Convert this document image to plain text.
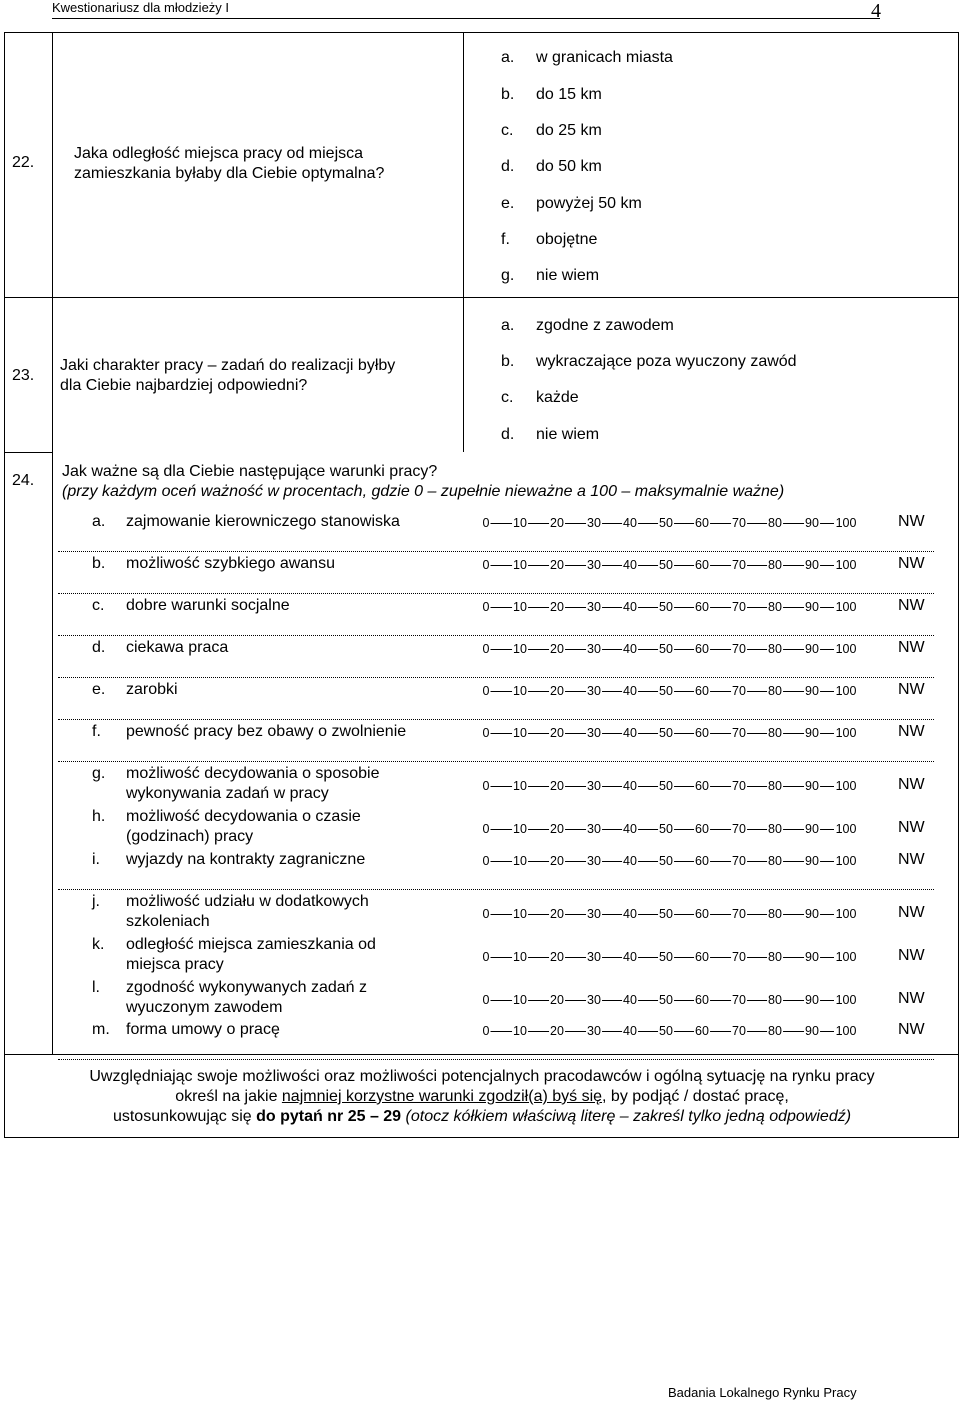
Kwestionariusz dla młodzieży I	4
22.
Jaka odległość miejsca pracy od miejsca
zamieszkania byłaby dla Ciebie optymalna?
a. w granicach miasta
b. do 15 km
c. do 25 km
d. do 50 km
e. powyżej 50 km
f. obojętne
g. nie wiem
23.
Jaki charakter pracy – zadań do realizacji byłby
dla Ciebie najbardziej odpowiedni?
a. zgodne z zawodem
b. wykraczające poza wyuczony zawód
c. każde
d. nie wiem
24.
Jak ważne są dla Ciebie następujące warunki pracy?
(przy każdym oceń ważność w procentach, gdzie 0 – zupełnie nieważne a 100 – maksymalnie ważne)
a. zajmowanie kierowniczego stanowiska	0 10 20 30 40 50 60 70 80 90 100	NW
b. możliwość szybkiego awansu	0 10 20 30 40 50 60 70 80 90 100	NW
c. dobre warunki socjalne	0 10 20 30 40 50 60 70 80 90 100	NW
d. ciekawa praca	0 10 20 30 40 50 60 70 80 90 100	NW
e. zarobki	0 10 20 30 40 50 60 70 80 90 100	NW
f. pewność pracy bez obawy o zwolnienie	0 10 20 30 40 50 60 70 80 90 100	NW
g. możliwość decydowania o sposobie
wykonywania zadań w pracy	0 10 20 30 40 50 60 70 80 90 100	NW
h. możliwość decydowania o czasie
(godzinach) pracy	0 10 20 30 40 50 60 70 80 90 100	NW
i. wyjazdy na kontrakty zagraniczne	0 10 20 30 40 50 60 70 80 90 100	NW
j. możliwość udziału w dodatkowych
szkoleniach	0 10 20 30 40 50 60 70 80 90 100	NW
k. odległość miejsca zamieszkania od
miejsca pracy	0 10 20 30 40 50 60 70 80 90 100	NW
l. zgodność wykonywanych zadań z
wyuczonym zawodem	0 10 20 30 40 50 60 70 80 90 100	NW
m. forma umowy o pracę	0 10 20 30 40 50 60 70 80 90 100	NW
Uwzględniając swoje możliwości oraz możliwości potencjalnych pracodawców i ogólną sytuację na rynku pracy
określ na jakie najmniej korzystne warunki zgodził(a) byś się, by podjąć / dostać pracę,
ustosunkowując się do pytań nr 25 – 29 (otocz kółkiem właściwą literę – zakreśl tylko jedną odpowiedź)
Badania Lokalnego Rynku Pracy
